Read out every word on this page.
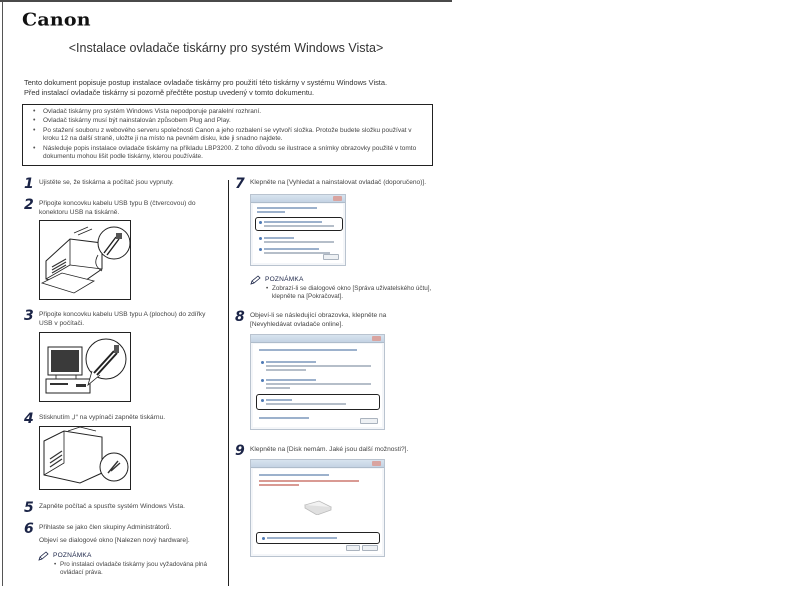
Canon
<Instalace ovladače tiskárny pro systém Windows Vista>
Tento dokument popisuje postup instalace ovladače tiskárny pro použití této tiskárny v systému Windows Vista.
Před instalací ovladače tiskárny si pozorně přečtěte postup uvedený v tomto dokumentu.
• Ovladač tiskárny pro systém Windows Vista nepodporuje paralelní rozhraní.
• Ovladač tiskárny musí být nainstalován způsobem Plug and Play.
• Po stažení souboru z webového serveru společnosti Canon a jeho rozbalení se vytvoří složka. Protože budete složku používat v kroku 12 na další straně, uložte ji na místo na pevném disku, kde ji snadno najdete.
• Následuje popis instalace ovladače tiskárny na příkladu LBP3200. Z toho důvodu se ilustrace a snímky obrazovky použité v tomto dokumentu mohou lišit podle tiskárny, kterou používáte.
1 Ujistěte se, že tiskárna a počítač jsou vypnuty.
2 Připojte koncovku kabelu USB typu B (čtvercovou) do konektoru USB na tiskárně.
3 Připojte koncovku kabelu USB typu A (plochou) do zdířky USB v počítači.
4 Stisknutím „I“ na vypínači zapněte tiskárnu.
5 Zapněte počítač a spusťte systém Windows Vista.
6 Přihlaste se jako člen skupiny Administrátorů.
Objeví se dialogové okno [Nalezen nový hardware].
POZNÁMKA
• Pro instalaci ovladače tiskárny jsou vyžadována plná ovládací práva.
7 Klepněte na [Vyhledat a nainstalovat ovladač (doporučeno)].
POZNÁMKA
• Zobrazí-li se dialogové okno [Správa uživatelského účtu], klepněte na [Pokračovat].
8 Objeví-li se následující obrazovka, klepněte na [Nevyhledávat ovladače online].
9 Klepněte na [Disk nemám. Jaké jsou další možnosti?].
